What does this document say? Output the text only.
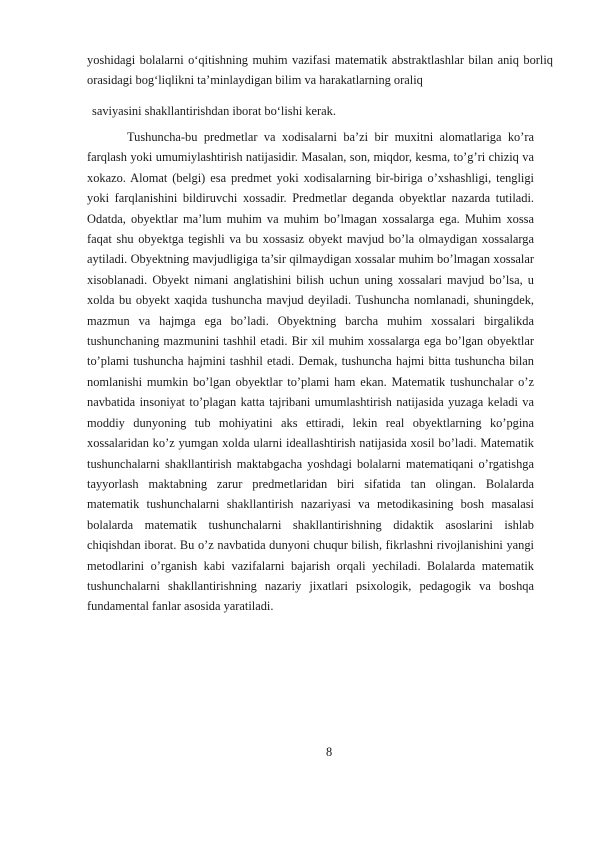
yoshidagi bolalarni o‘qitishning muhim vazifasi matematik abstraktlashlar bilan aniq borliq orasidagi bog‘liqlikni ta’minlaydigan bilim va harakatlarning oraliq

saviyasini shakllantirishdan iborat bo‘lishi kerak.

Tushuncha-bu predmetlar va xodisalarni ba’zi bir muxitni alomatlariga ko’ra farqlash yoki umumiylashtirish natijasidir. Masalan, son, miqdor, kesma, to’g’ri chiziq va xokazo. Alomat (belgi) esa predmet yoki xodisalarning bir-biriga o’xshashligi, tengligi yoki farqlanishini bildiruvchi xossadir. Predmetlar deganda obyektlar nazarda tutiladi. Odatda, obyektlar ma’lum muhim va muhim bo’lmagan xossalarga ega. Muhim xossa faqat shu obyektga tegishli va bu xossasiz obyekt mavjud bo’la olmaydigan xossalarga aytiladi. Obyektning mavjudligiga ta’sir qilmaydigan xossalar muhim bo’lmagan xossalar xisoblanadi. Obyekt nimani anglatishini bilish uchun uning xossalari mavjud bo’lsa, u xolda bu obyekt xaqida tushuncha mavjud deyiladi. Tushuncha nomlanadi, shuningdek, mazmun va hajmga ega bo’ladi. Obyektning barcha muhim xossalari birgalikda tushunchaning mazmunini tashhil etadi. Bir xil muhim xossalarga ega bo’lgan obyektlar to’plami tushuncha hajmini tashhil etadi. Demak, tushuncha hajmi bitta tushuncha bilan nomlanishi mumkin bo’lgan obyektlar to’plami ham ekan. Matematik tushunchalar o’z navbatida insoniyat to’plagan katta tajribani umumlashtirish natijasida yuzaga keladi va moddiy dunyoning tub mohiyatini aks ettiradi, lekin real obyektlarning ko’pgina xossalaridan ko’z yumgan xolda ularni ideallashtirish natijasida xosil bo’ladi. Matematik tushunchalarni shakllantirish maktabgacha yoshdagi bolalarni matematiqani o’rgatishga tayyorlash maktabning zarur predmetlaridan biri sifatida tan olingan. Bolalarda matematik tushunchalarni shakllantirish nazariyasi va metodikasining bosh masalasi bolalarda matematik tushunchalarni shakllantirishning didaktik asoslarini ishlab chiqishdan iborat. Bu o’z navbatida dunyoni chuqur bilish, fikrlashni rivojlanishini yangi metodlarini o’rganish kabi vazifalarni bajarish orqali yechiladi. Bolalarda matematik tushunchalarni shakllantirishning nazariy jixatlari psixologik, pedagogik va boshqa fundamental fanlar asosida yaratiladi.

8
